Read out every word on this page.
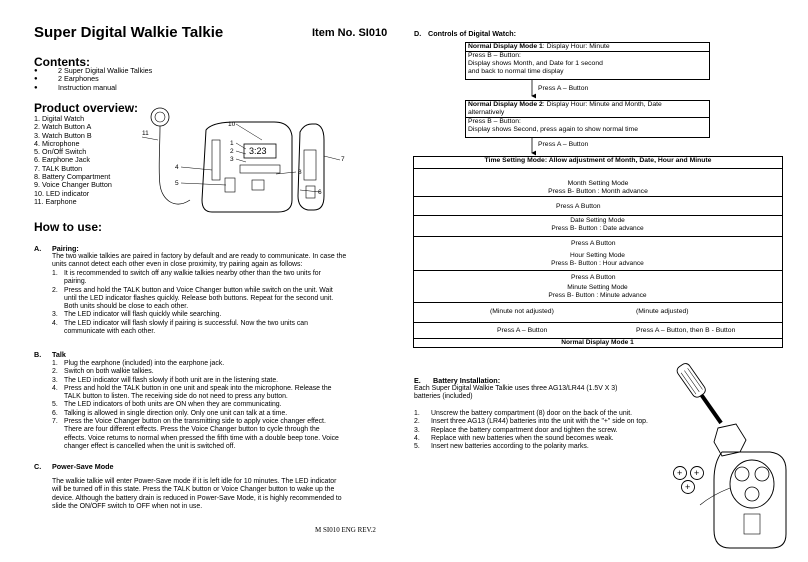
Super Digital Walkie Talkie	Item No. SI010
Contents:
● 2 Super Digital Walkie Talkies
● 2 Earphones
● Instruction manual
Product overview:
1. Digital Watch
2. Watch Button A
3. Watch Button B
4. Microphone
5. On/Off Switch
6. Earphone Jack
7. TALK Button
8. Battery Compartment
9. Voice Changer Button
10. LED indicator
11. Earphone
3:23
11
10
1
2
3
4
5
6
7
8
How to use:
A. Pairing:
The two walkie talkies are paired in factory by default and are ready to communicate. In case the
units cannot detect each other even in close proximity, try pairing again as follows:
1. It is recommended to switch off any walkie talkies nearby other than the two units for
pairing.
2. Press and hold the TALK button and Voice Changer button while switch on the unit. Wait
until the LED indicator flashes quickly. Release both buttons. Repeat for the second unit.
Both units should be close to each other.
3. The LED indicator will flash quickly while searching.
4. The LED indicator will flash slowly if pairing is successful. Now the two units can
communicate with each other.
B. Talk
1. Plug the earphone (included) into the earphone jack.
2. Switch on both walkie talkies.
3. The LED indicator will flash slowly if both unit are in the listening state.
4. Press and hold the TALK button in one unit and speak into the microphone. Release the
TALK button to listen. The receiving side do not need to press any button.
5. The LED indicators of both units are ON when they are communicating.
6. Talking is allowed in single direction only. Only one unit can talk at a time.
7. Press the Voice Changer button on the transmitting side to apply voice changer effect.
There are four different effects. Press the Voice Changer button to cycle through the
effects. Voice returns to normal when pressed the fifth time with a double beep tone. Voice
changer effect is cancelled when the unit is switched off.
C. Power-Save Mode
The walkie talkie will enter Power-Save mode if it is left idle for 10 minutes. The LED indicator
will be turned off in this state. Press the TALK button or Voice Changer button to wake up the
device. Although the battery drain is reduced in Power-Save Mode, it is highly recommended to
slide the ON/OFF switch to OFF when not in use.
M SI010 ENG REV.2
D. Controls of Digital Watch:
Normal Display Mode 1: Display Hour: Minute
Press B – Button:
Display shows Month, and Date for 1 second
and back to normal time display
Press A – Button
Normal Display Mode 2: Display Hour: Minute and Month, Date
alternatively
Press B – Button:
Display shows Second, press again to show normal time
Press A – Button
Time Setting Mode: Allow adjustment of Month, Date, Hour and Minute
Month Setting Mode
Press B- Button : Month advance
Press A Button
Date Setting Mode
Press B- Button : Date advance
Press A Button
Hour Setting Mode
Press B- Button : Hour advance
Press A Button
Minute Setting Mode
Press B- Button : Minute advance
(Minute not adjusted)	(Minute adjusted)
Press A – Button	Press A – Button, then B - Button
Normal Display Mode 1
E. Battery Installation:
Each Super Digital Walkie Talkie uses three AG13/LR44 (1.5V X 3)
batteries (included)
1.	Unscrew the battery compartment (8) door on the back of the unit.
2.	Insert three AG13 (LR44) batteries into the unit with the "+" side on top.
3.	Replace the battery compartment door and tighten the screw.
4.	Replace with new batteries when the sound becomes weak.
5.	Insert new batteries according to the polarity marks.
+ +
+
